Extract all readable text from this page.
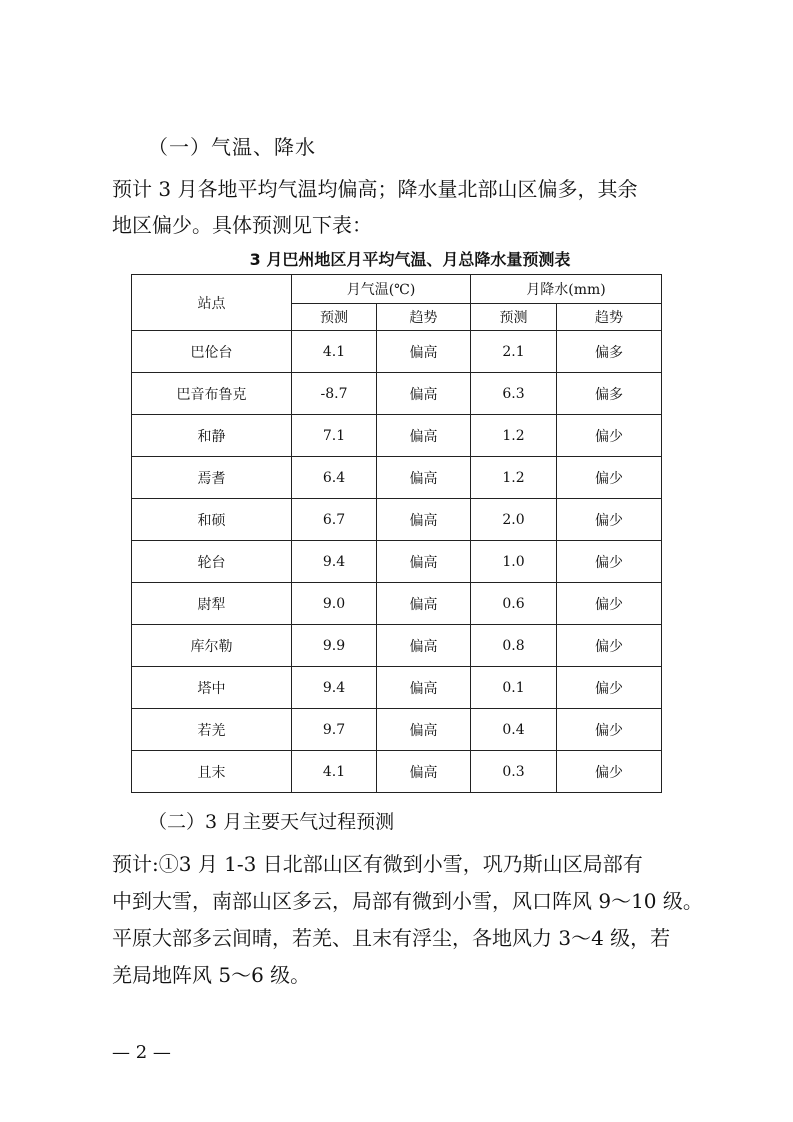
（一）气温、降水
预计 3 月各地平均气温均偏高；降水量北部山区偏多，其余
地区偏少。具体预测见下表：
3 月巴州地区月平均气温、月总降水量预测表
站点	月气温(℃)		月降水(mm)	
	预测	趋势	预测	趋势
巴伦台	4.1	偏高	2.1	偏多
巴音布鲁克	-8.7	偏高	6.3	偏多
和静	7.1	偏高	1.2	偏少
焉耆	6.4	偏高	1.2	偏少
和硕	6.7	偏高	2.0	偏少
轮台	9.4	偏高	1.0	偏少
尉犁	9.0	偏高	0.6	偏少
库尔勒	9.9	偏高	0.8	偏少
塔中	9.4	偏高	0.1	偏少
若羌	9.7	偏高	0.4	偏少
且末	4.1	偏高	0.3	偏少
（二）3 月主要天气过程预测
预计:①3 月 1-3 日北部山区有微到小雪，巩乃斯山区局部有
中到大雪，南部山区多云，局部有微到小雪，风口阵风 9～10 级。
平原大部多云间晴，若羌、且末有浮尘，各地风力 3～4 级，若
羌局地阵风 5～6 级。
— 2 —
